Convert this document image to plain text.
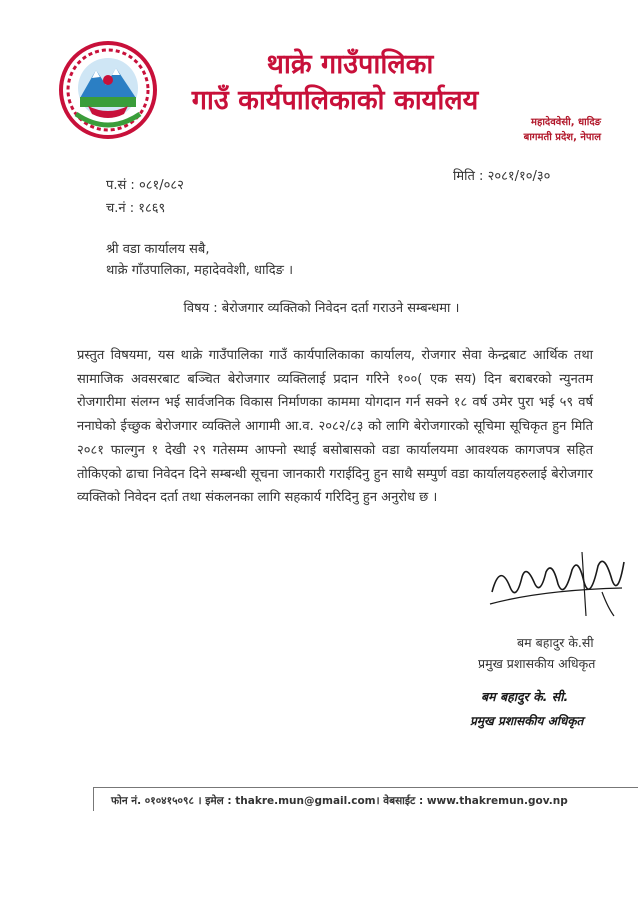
थाक्रे गाउँपालिका
गाउँ कार्यपालिकाको कार्यालय
महादेववेसी, धादिङ
बागमती प्रदेश, नेपाल
मिति : २०८१/१०/३०
प.सं : ०८१/०८२
च.नं : १८६९
श्री वडा कार्यालय सबै,
थाक्रे गाँउपालिका, महादेववेशी, धादिङ ।
विषय : बेरोजगार व्यक्तिको निवेदन दर्ता गराउने सम्बन्धमा ।

प्रस्तुत विषयमा, यस थाक्रे गाउँपालिका गाउँ कार्यपालिकाका कार्यालय, रोजगार सेवा केन्द्रबाट आर्थिक तथा सामाजिक अवसरबाट बञ्चित बेरोजगार व्यक्तिलाई प्रदान गरिने १००( एक सय) दिन बराबरको न्युनतम रोजगारीमा संलग्न भई सार्वजनिक विकास निर्माणका काममा योगदान गर्न सक्ने १८ वर्ष उमेर पुरा भई ५९ वर्ष ननाघेको ईच्छुक बेरोजगार व्यक्तिले आगामी आ.व. २०८२/८३ को लागि बेरोजगारको सूचिमा सूचिकृत हुन मिति २०८१ फाल्गुन १ देखी २९ गतेसम्म आफ्नो स्थाई बसोबासको वडा कार्यालयमा आवश्यक कागजपत्र सहित तोकिएको ढाचा निवेदन दिने सम्बन्धी सूचना जानकारी गराईदिनु हुन साथै सम्पुर्ण वडा कार्यालयहरुलाई बेरोजगार व्यक्तिको निवेदन दर्ता तथा संकलनका लागि सहकार्य गरिदिनु हुन अनुरोध छ ।

बम बहादुर के.सी
प्रमुख प्रशासकीय अधिकृत
बम बहादुर के. सी.
प्रमुख प्रशासकीय अधिकृत
फोन नं. ०१०४१५०९८ । इमेल : thakre.mun@gmail.com। वेबसाईट : www.thakremun.gov.np
